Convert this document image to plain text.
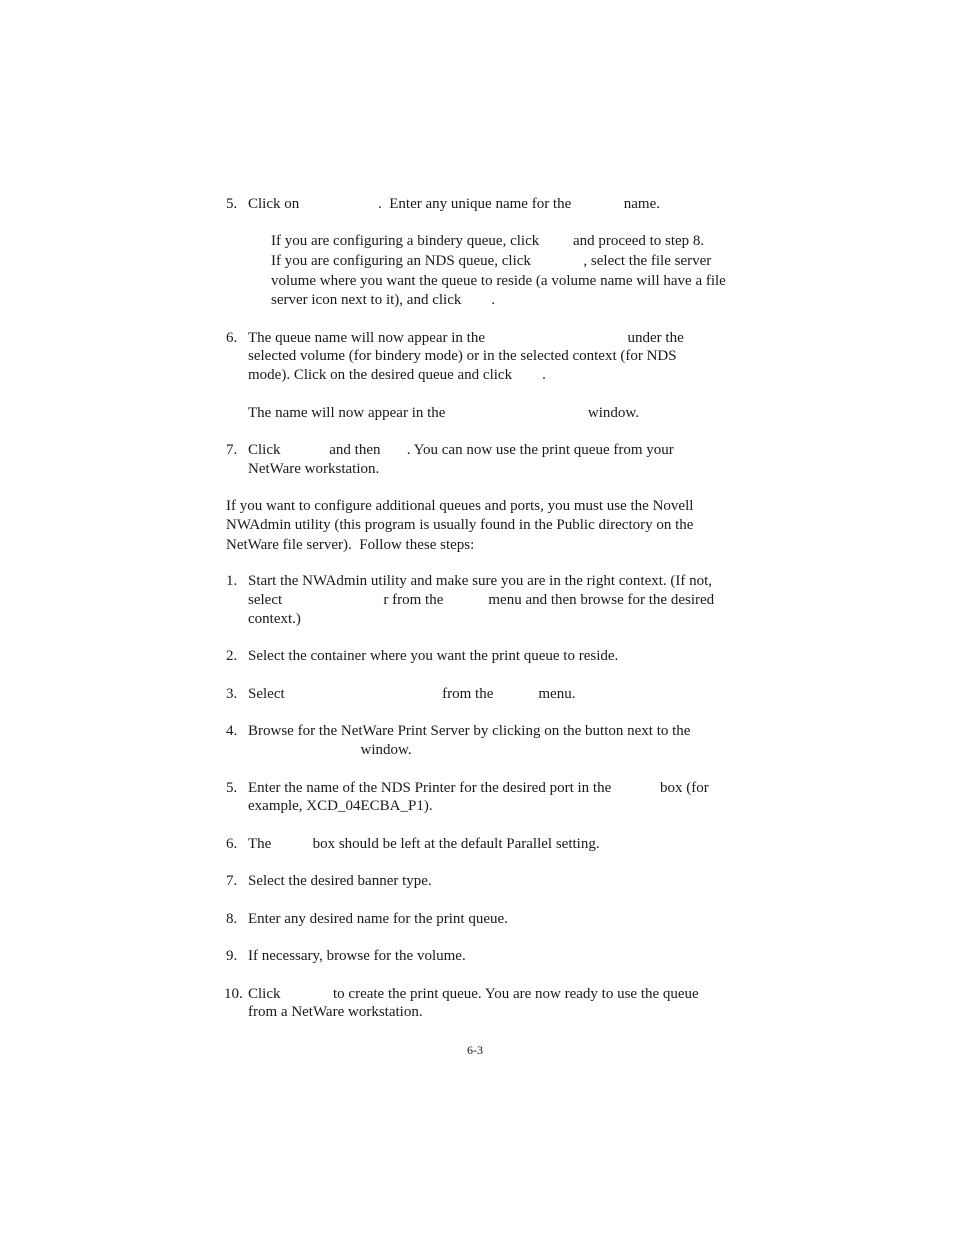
5. Click on                     .  Enter any unique name for the              name.
If you are configuring a bindery queue, click         and proceed to step 8.
If you are configuring an NDS queue, click              , select the file server
volume where you want the queue to reside (a volume name will have a file
server icon next to it), and click        .
6. The queue name will now appear in the                                      under the
selected volume (for bindery mode) or in the selected context (for NDS
mode). Click on the desired queue and click        .
The name will now appear in the                                      window.
7. Click             and then       . You can now use the print queue from your
NetWare workstation.
If you want to configure additional queues and ports, you must use the Novell
NWAdmin utility (this program is usually found in the Public directory on the
NetWare file server).  Follow these steps:
1. Start the NWAdmin utility and make sure you are in the right context. (If not,
select                           r from the            menu and then browse for the desired
context.)
2. Select the container where you want the print queue to reside.
3. Select                                          from the            menu.
4. Browse for the NetWare Print Server by clicking on the button next to the
window.
5. Enter the name of the NDS Printer for the desired port in the             box (for
example, XCD_04ECBA_P1).
6. The           box should be left at the default Parallel setting.
7. Select the desired banner type.
8. Enter any desired name for the print queue.
9. If necessary, browse for the volume.
10. Click              to create the print queue. You are now ready to use the queue
from a NetWare workstation.
6-3
